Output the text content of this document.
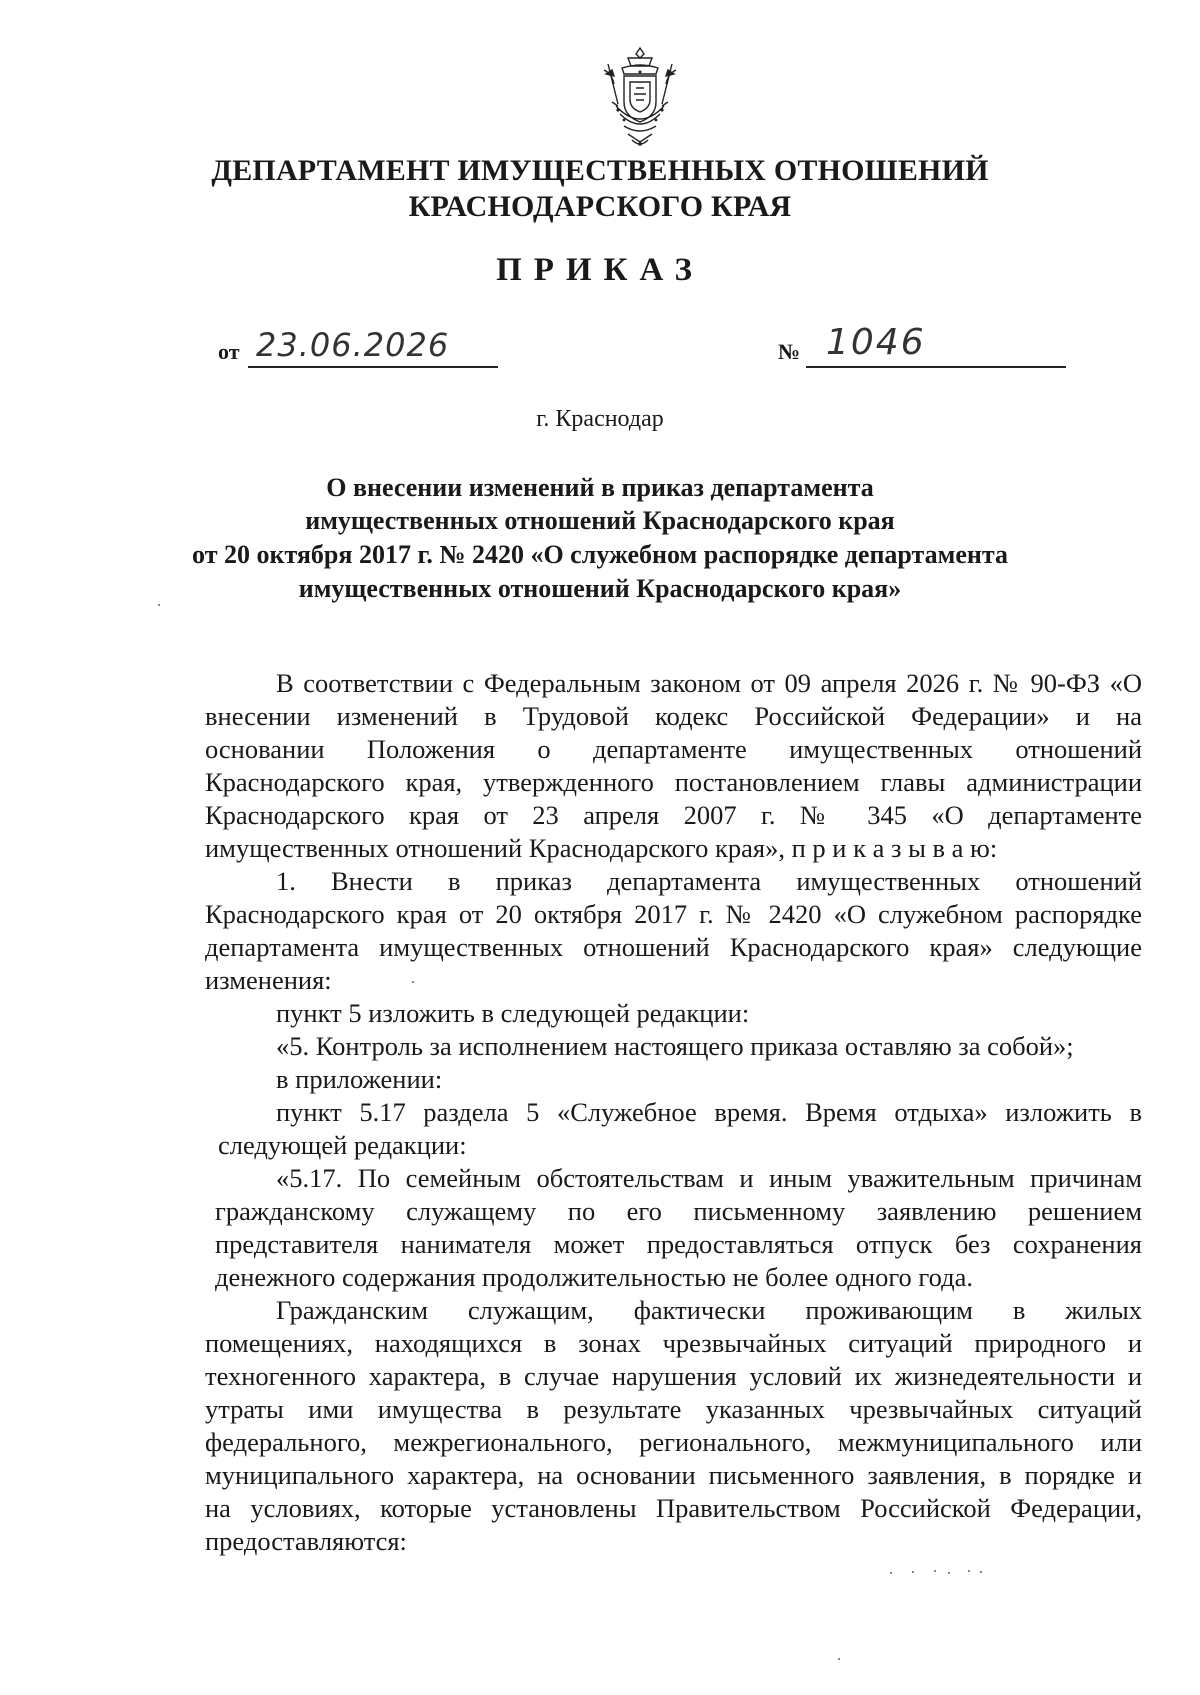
ДЕПАРТАМЕНТ ИМУЩЕСТВЕННЫХ ОТНОШЕНИЙ
КРАСНОДАРСКОГО КРАЯ
ПРИКАЗ
от 23.06.2026	№ 1046
г. Краснодар
О внесении изменений в приказ департамента
имущественных отношений Краснодарского края
от 20 октября 2017 г. № 2420 «О служебном распорядке департамента
имущественных отношений Краснодарского края»
В соответствии с Федеральным законом от 09 апреля 2026 г. № 90-ФЗ «О
внесении изменений в Трудовой кодекс Российской Федерации» и на
основании Положения о департаменте имущественных отношений
Краснодарского края, утвержденного постановлением главы администрации
Краснодарского края от 23 апреля 2007 г. № 345 «О департаменте
имущественных отношений Краснодарского края», п р и к а з ы в а ю:
1. Внести в приказ департамента имущественных отношений
Краснодарского края от 20 октября 2017 г. № 2420 «О служебном распорядке
департамента имущественных отношений Краснодарского края» следующие
изменения:
пункт 5 изложить в следующей редакции:
«5. Контроль за исполнением настоящего приказа оставляю за собой»;
в приложении:
пункт 5.17 раздела 5 «Служебное время. Время отдыха» изложить в
следующей редакции:
«5.17. По семейным обстоятельствам и иным уважительным причинам
гражданскому служащему по его письменному заявлению решением
представителя нанимателя может предоставляться отпуск без сохранения
денежного содержания продолжительностью не более одного года.
Гражданским служащим, фактически проживающим в жилых
помещениях, находящихся в зонах чрезвычайных ситуаций природного и
техногенного характера, в случае нарушения условий их жизнедеятельности и
утраты ими имущества в результате указанных чрезвычайных ситуаций
федерального, межрегионального, регионального, межмуниципального или
муниципального характера, на основании письменного заявления, в порядке и
на условиях, которые установлены Правительством Российской Федерации,
предоставляются:
